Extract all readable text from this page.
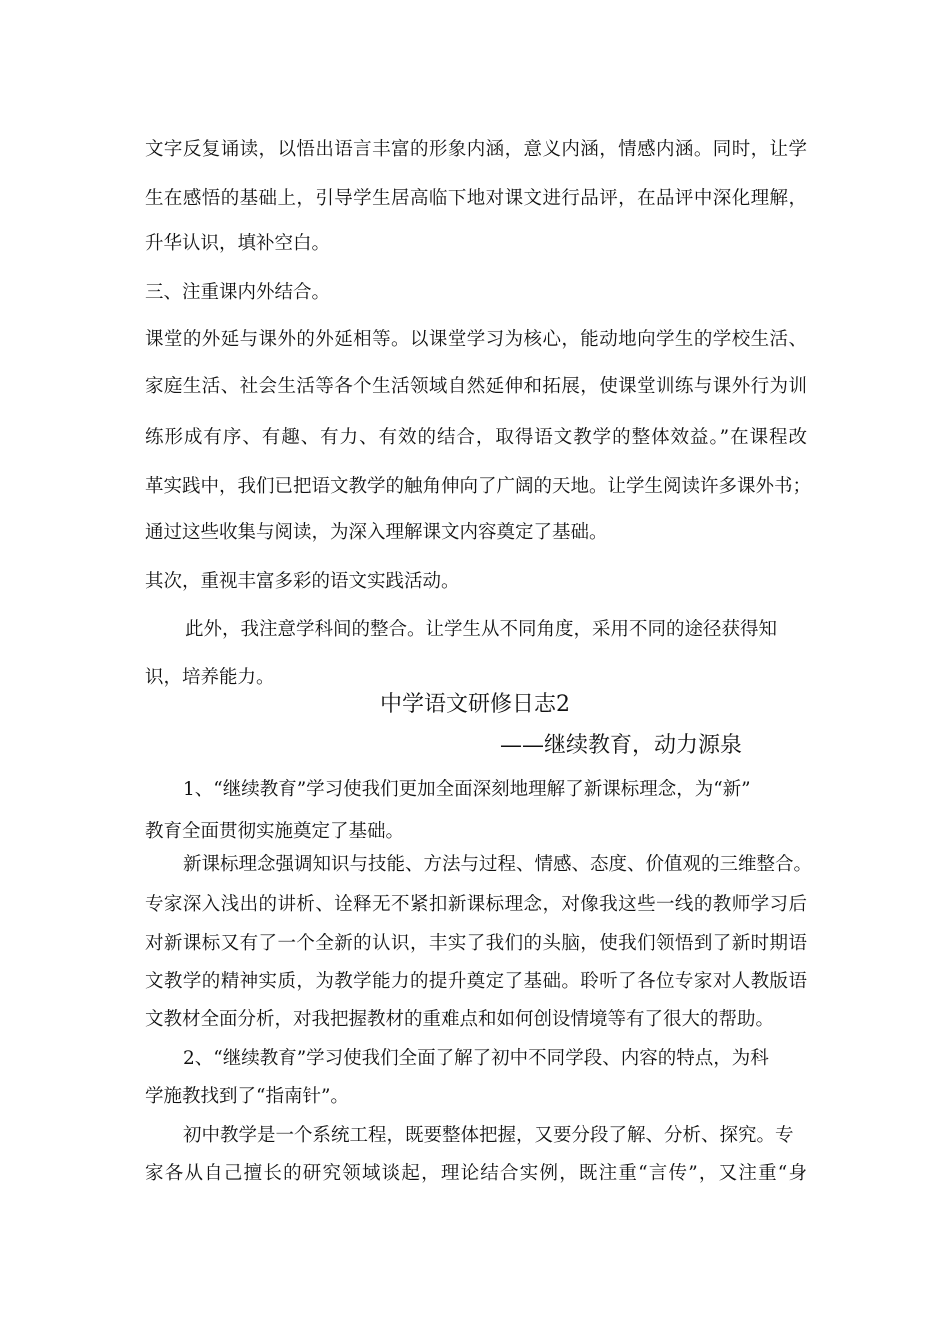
文字反复诵读，以悟出语言丰富的形象内涵，意义内涵，情感内涵。同时，让学
生在感悟的基础上，引导学生居高临下地对课文进行品评，在品评中深化理解，
升华认识，填补空白。
三、注重课内外结合。
课堂的外延与课外的外延相等。以课堂学习为核心，能动地向学生的学校生活、
家庭生活、社会生活等各个生活领域自然延伸和拓展，使课堂训练与课外行为训
练形成有序、有趣、有力、有效的结合，取得语文教学的整体效益。”在课程改
革实践中，我们已把语文教学的触角伸向了广阔的天地。让学生阅读许多课外书；
通过这些收集与阅读，为深入理解课文内容奠定了基础。
其次，重视丰富多彩的语文实践活动。
此外，我注意学科间的整合。让学生从不同角度，采用不同的途径获得知
识，培养能力。
中学语文研修日志2
——继续教育，动力源泉
1、“继续教育”学习使我们更加全面深刻地理解了新课标理念，为“新”
教育全面贯彻实施奠定了基础。
新课标理念强调知识与技能、方法与过程、情感、态度、价值观的三维整合。
专家深入浅出的讲析、诠释无不紧扣新课标理念，对像我这些一线的教师学习后
对新课标又有了一个全新的认识，丰实了我们的头脑，使我们领悟到了新时期语
文教学的精神实质，为教学能力的提升奠定了基础。聆听了各位专家对人教版语
文教材全面分析，对我把握教材的重难点和如何创设情境等有了很大的帮助。
2、“继续教育”学习使我们全面了解了初中不同学段、内容的特点，为科
学施教找到了“指南针”。
初中教学是一个系统工程，既要整体把握，又要分段了解、分析、探究。专
家各从自己擅长的研究领域谈起，理论结合实例，既注重“言传”，又注重“身
